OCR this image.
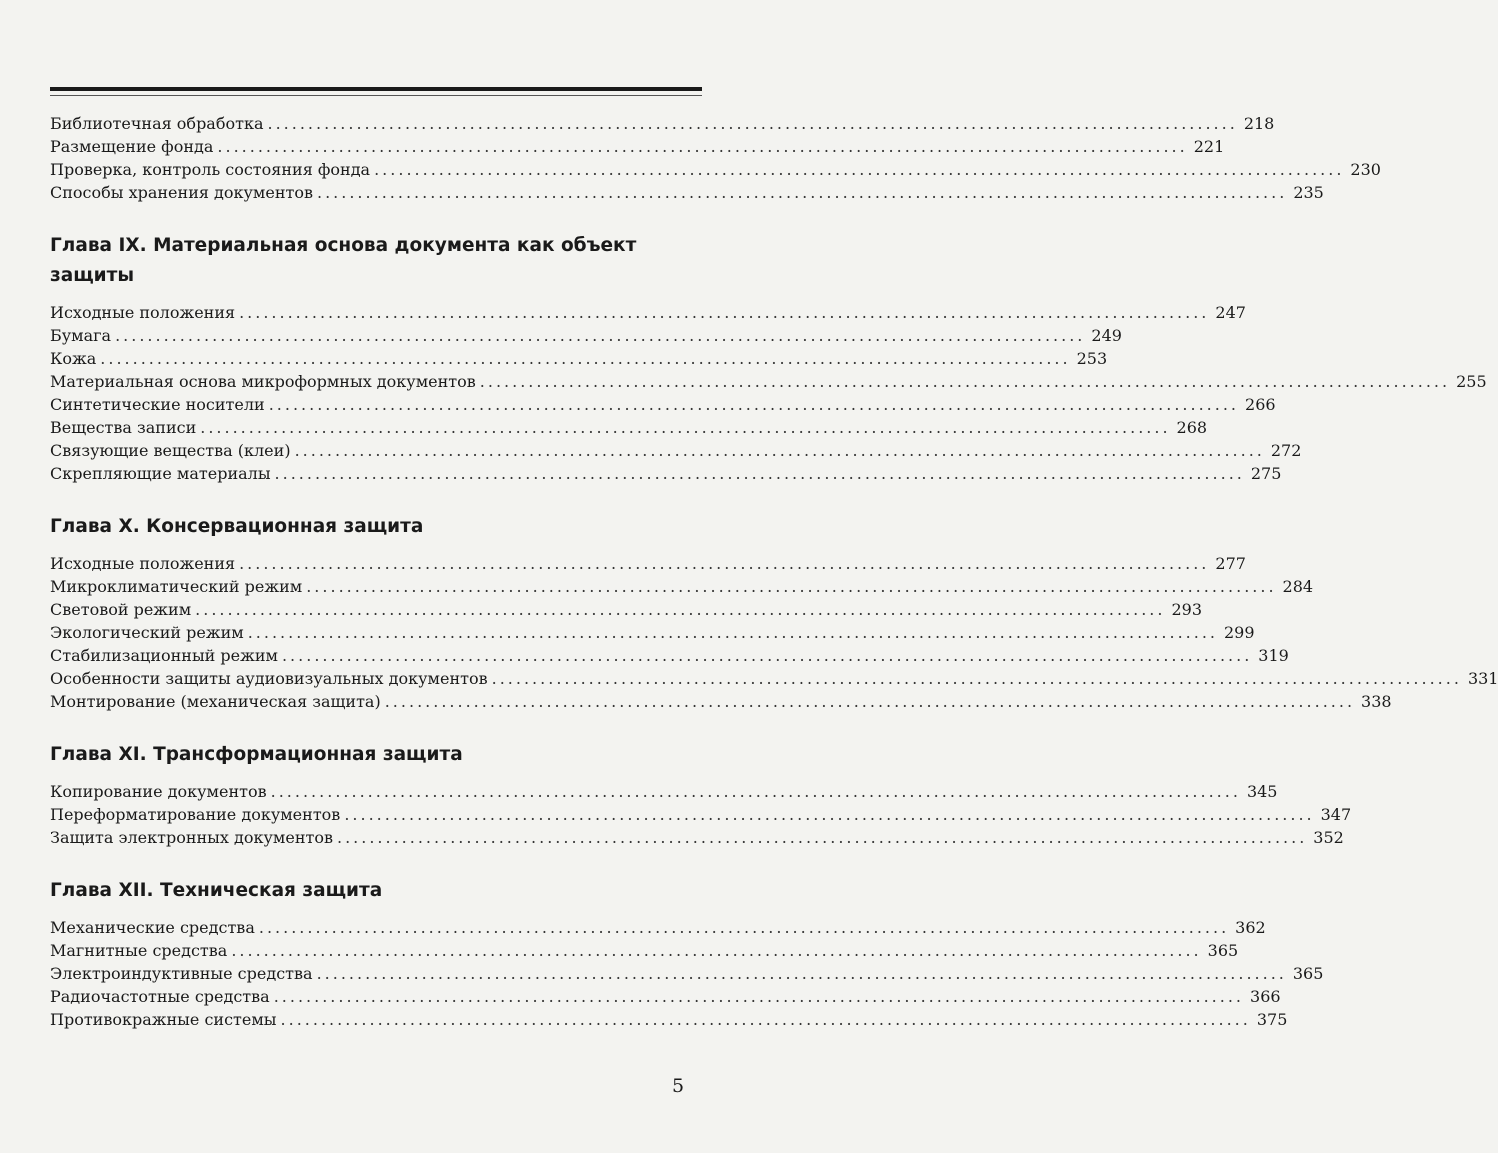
Библиотечная обработка ........................................................................................................................ 218
Размещение фонда ........................................................................................................................ 221
Проверка, контроль состояния фонда ........................................................................................................................ 230
Способы хранения документов ........................................................................................................................ 235
Глава IX. Материальная основа документа как объект защиты
Исходные положения ........................................................................................................................ 247
Бумага ........................................................................................................................ 249
Кожа ........................................................................................................................ 253
Материальная основа микроформных документов ........................................................................................................................ 255
Синтетические носители ........................................................................................................................ 266
Вещества записи ........................................................................................................................ 268
Связующие вещества (клеи) ........................................................................................................................ 272
Скрепляющие материалы ........................................................................................................................ 275
Глава X. Консервационная защита
Исходные положения ........................................................................................................................ 277
Микроклиматический режим ........................................................................................................................ 284
Световой режим ........................................................................................................................ 293
Экологический режим ........................................................................................................................ 299
Стабилизационный режим ........................................................................................................................ 319
Особенности защиты аудиовизуальных документов ........................................................................................................................ 331
Монтирование (механическая защита) ........................................................................................................................ 338
Глава XI. Трансформационная защита
Копирование документов ........................................................................................................................ 345
Переформатирование документов ........................................................................................................................ 347
Защита электронных документов ........................................................................................................................ 352
Глава XII. Техническая защита
Механические средства ........................................................................................................................ 362
Магнитные средства ........................................................................................................................ 365
Электроиндуктивные средства ........................................................................................................................ 365
Радиочастотные средства ........................................................................................................................ 366
Противокражные системы ........................................................................................................................ 375
5
